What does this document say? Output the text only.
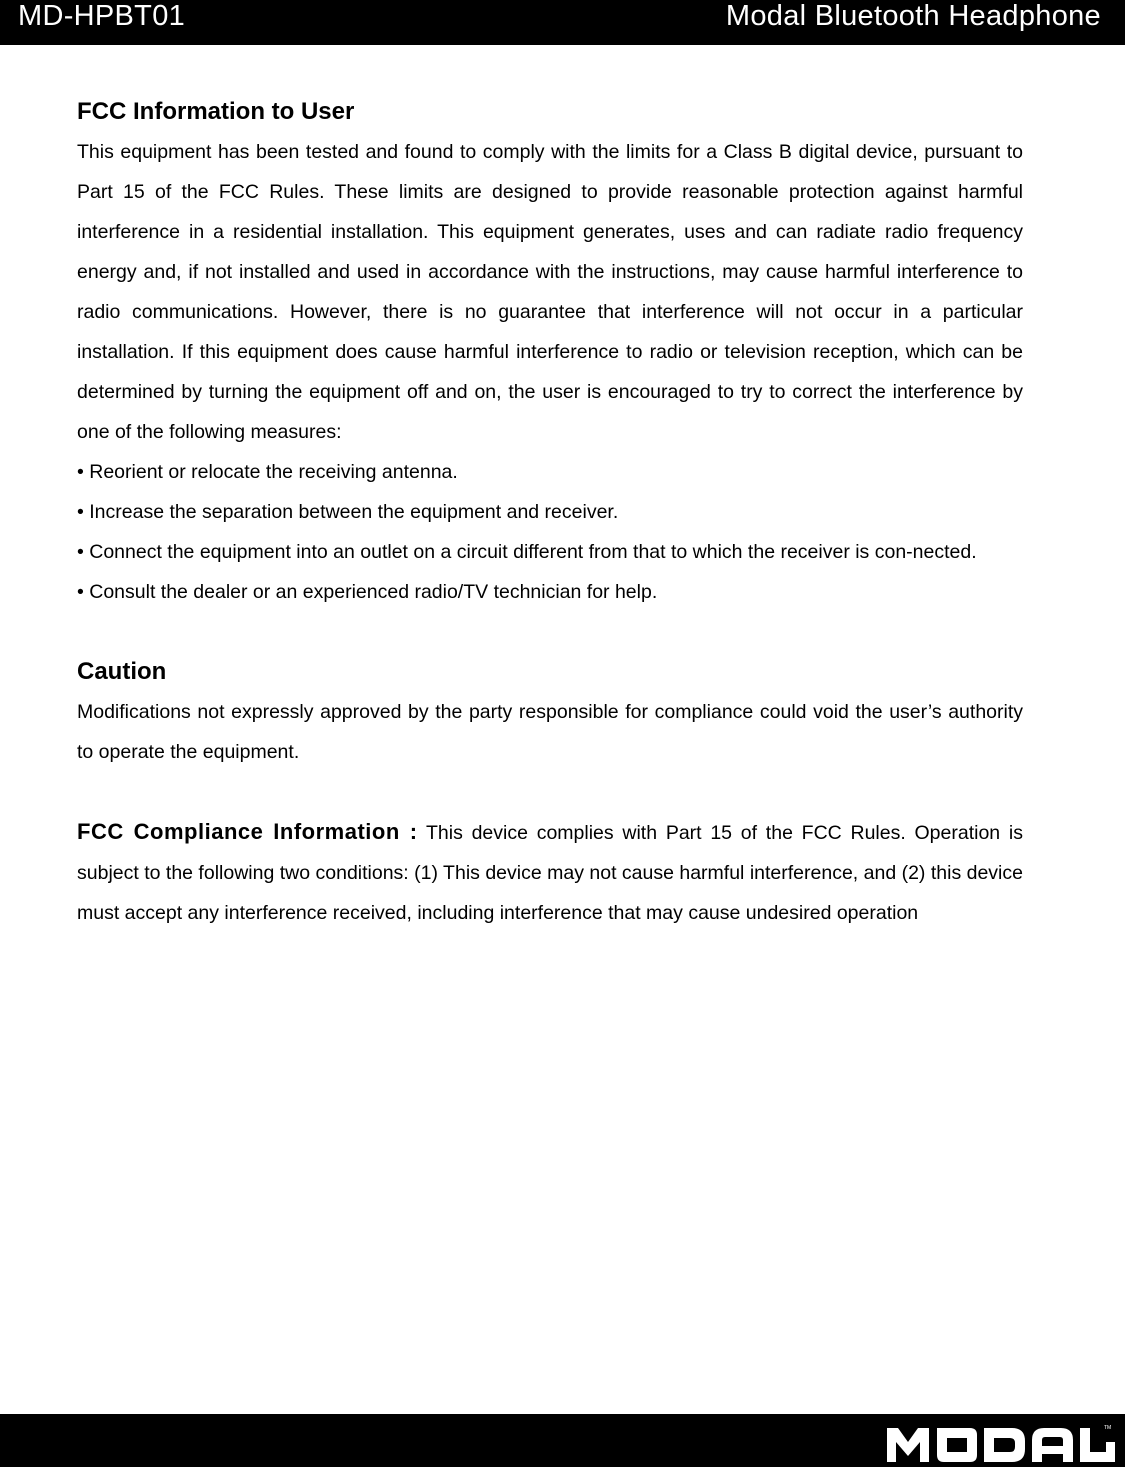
MD-HPBT01	Modal Bluetooth Headphone
FCC Information to User

This equipment has been tested and found to comply with the limits for a Class B digital device, pursuant to Part 15 of the FCC Rules. These limits are designed to provide reasonable protection against harmful interference in a residential installation. This equipment generates, uses and can radiate radio frequency energy and, if not installed and used in accordance with the instructions, may cause harmful interference to radio communications. However, there is no guarantee that interference will not occur in a particular installation. If this equipment does cause harmful interference to radio or television reception, which can be determined by turning the equipment off and on, the user is encouraged to try to correct the interference by one of the following measures:

• Reorient or relocate the receiving antenna.

• Increase the separation between the equipment and receiver.

• Connect the equipment into an outlet on a circuit different from that to which the receiver is con-nected.

• Consult the dealer or an experienced radio/TV technician for help.

Caution

Modifications not expressly approved by the party responsible for compliance could void the user’s authority to operate the equipment.

FCC Compliance Information : This device complies with Part 15 of the FCC Rules. Operation is subject to the following two conditions: (1) This device may not cause harmful interference, and (2) this device must accept any interference received, including interference that may cause undesired operation

TM
